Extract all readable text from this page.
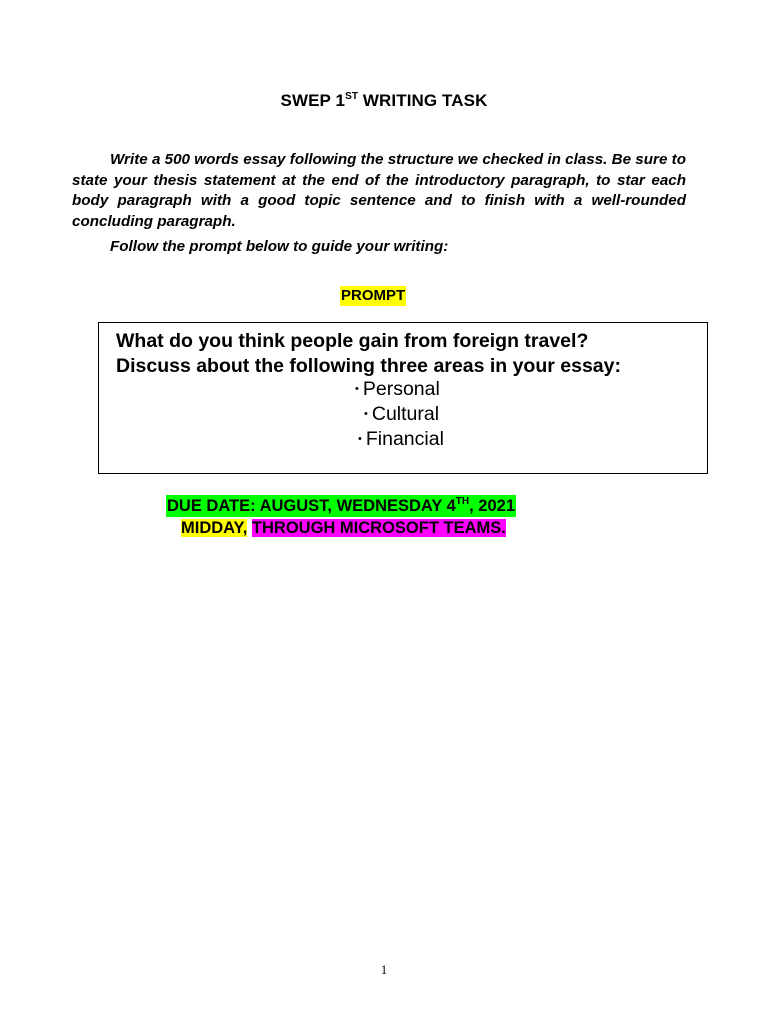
SWEP 1ST WRITING TASK

Write a 500 words essay following the structure we checked in class. Be sure to state your thesis statement at the end of the introductory paragraph, to star each body paragraph with a good topic sentence and to finish with a well-rounded concluding paragraph.

Follow the prompt below to guide your writing:

PROMPT

What do you think people gain from foreign travel?
Discuss about the following three areas in your essay:

• Personal
• Cultural
• Financial
DUE DATE: AUGUST, WEDNESDAY 4TH, 2021
MIDDAY, THROUGH MICROSOFT TEAMS.
1
